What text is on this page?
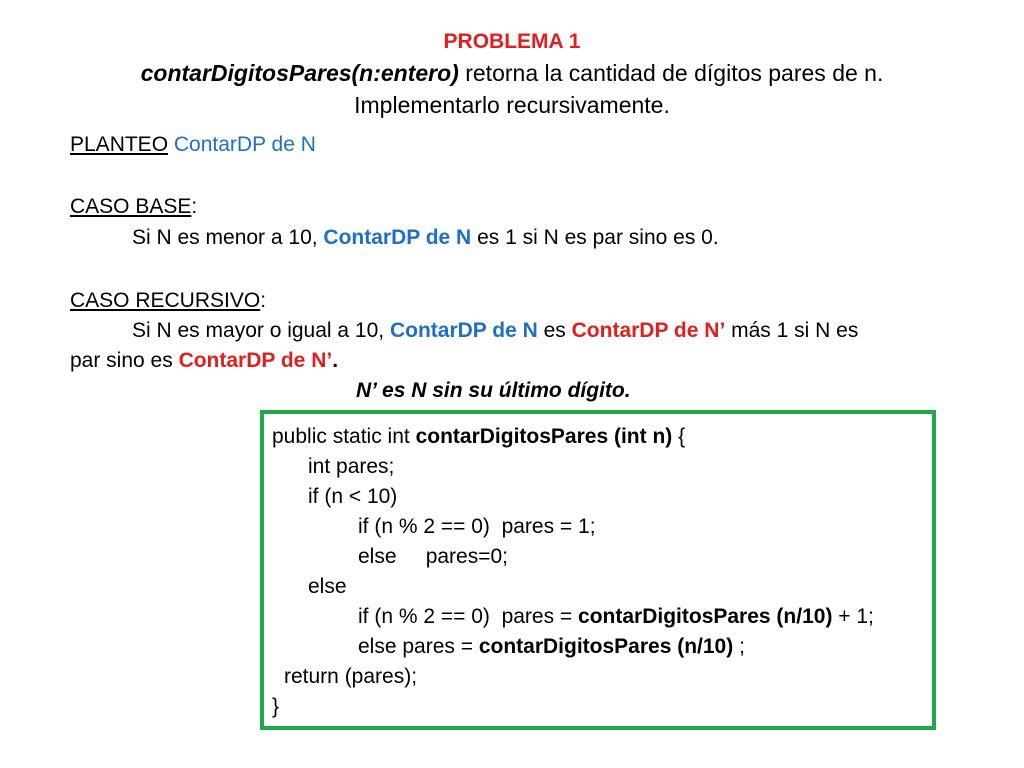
PROBLEMA 1
contarDigitosPares(n:entero) retorna la cantidad de dígitos pares de n.
Implementarlo recursivamente.
PLANTEO ContarDP de N
CASO BASE:
Si N es menor a 10, ContarDP de N es 1 si N es par sino es 0.
CASO RECURSIVO:
Si N es mayor o igual a 10, ContarDP de N es ContarDP de N’ más 1 si N es
par sino es ContarDP de N’.
N’ es N sin su último dígito.
public static int contarDigitosPares (int n) {
int pares;
if (n < 10)
if (n % 2 == 0)  pares = 1;
else     pares=0;
else
if (n % 2 == 0)  pares = contarDigitosPares (n/10) + 1;
else pares = contarDigitosPares (n/10) ;
return (pares);
}
